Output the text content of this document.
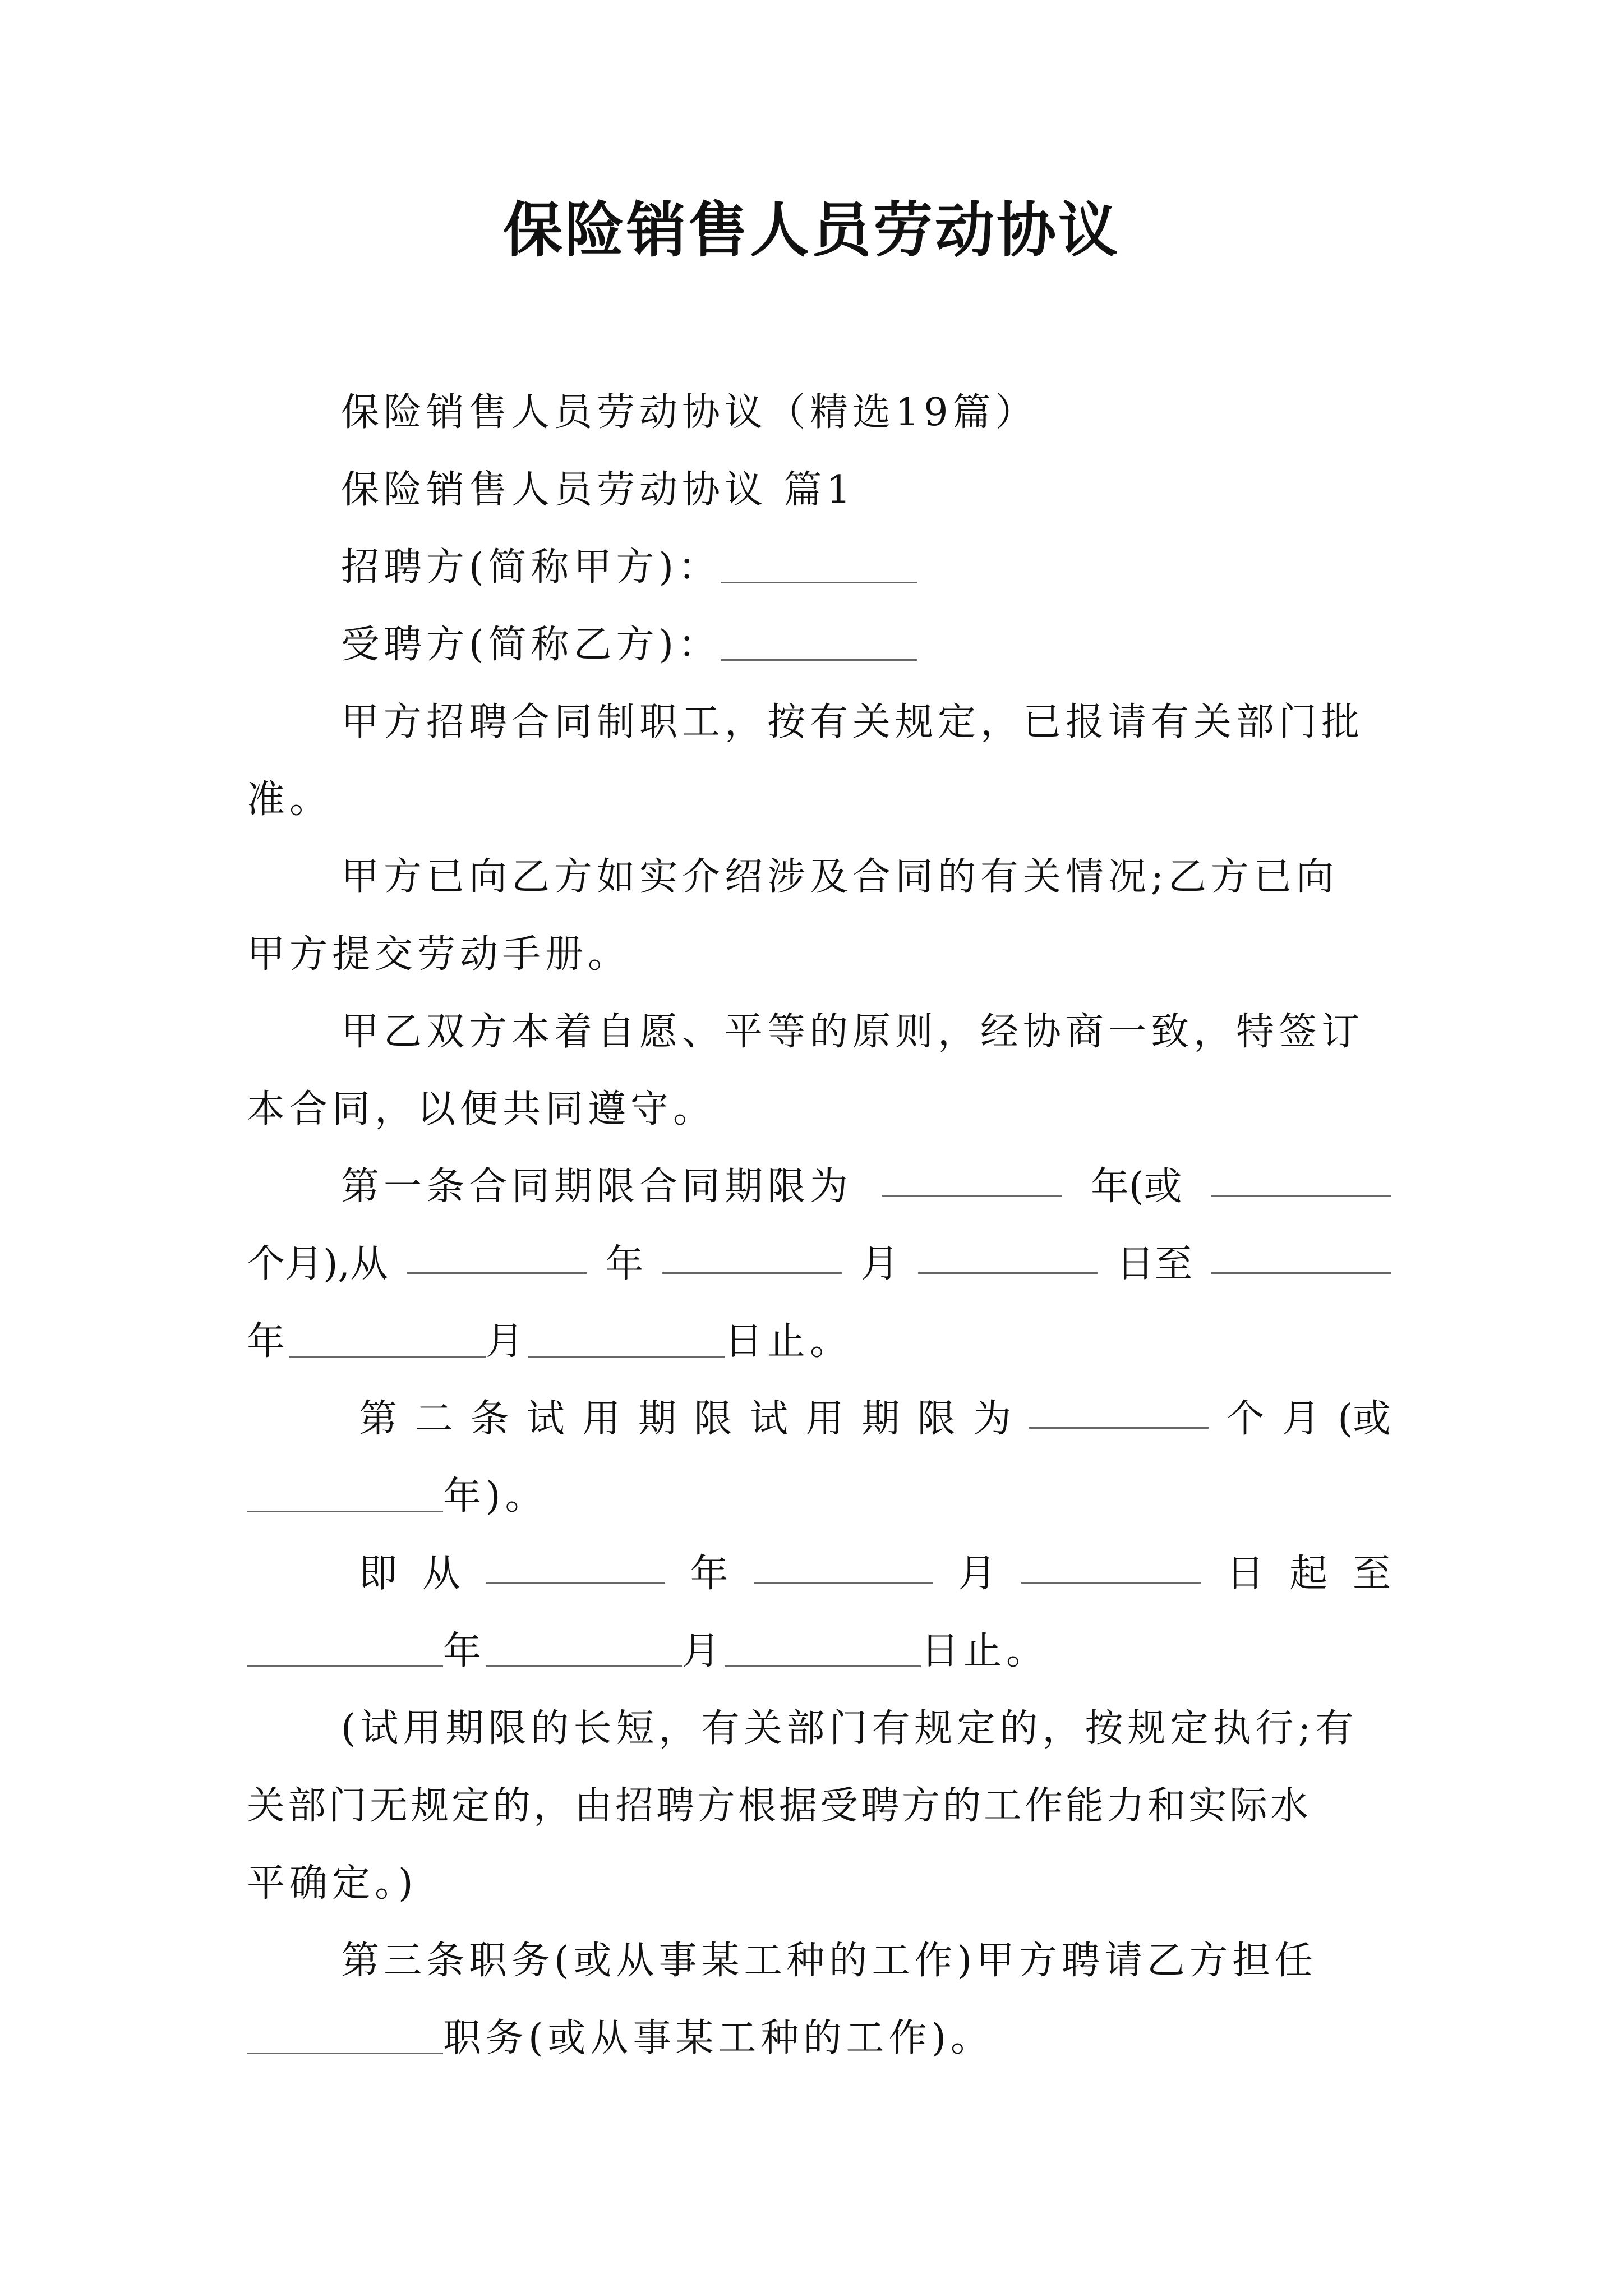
保险销售人员劳动协议
保险销售人员劳动协议（精选19篇）
保险销售人员劳动协议 篇1
招聘方(简称甲方)：
受聘方(简称乙方)：
甲方招聘合同制职工，按有关规定，已报请有关部门批
准。
甲方已向乙方如实介绍涉及合同的有关情况;乙方已向
甲方提交劳动手册。
甲乙双方本着自愿、平等的原则，经协商一致，特签订
本合同，以便共同遵守。
第一条合同期限合同期限为	年(或
个月),从	年	月	日至
年	月	日止。
第 二 条 试 用 期 限 试 用 期 限 为	个 月 (或
年)。
即 从	年	月	日 起 至
年	月	日止。
(试用期限的长短，有关部门有规定的，按规定执行;有
关部门无规定的，由招聘方根据受聘方的工作能力和实际水
平确定。)
第三条职务(或从事某工种的工作)甲方聘请乙方担任
职务(或从事某工种的工作)。
